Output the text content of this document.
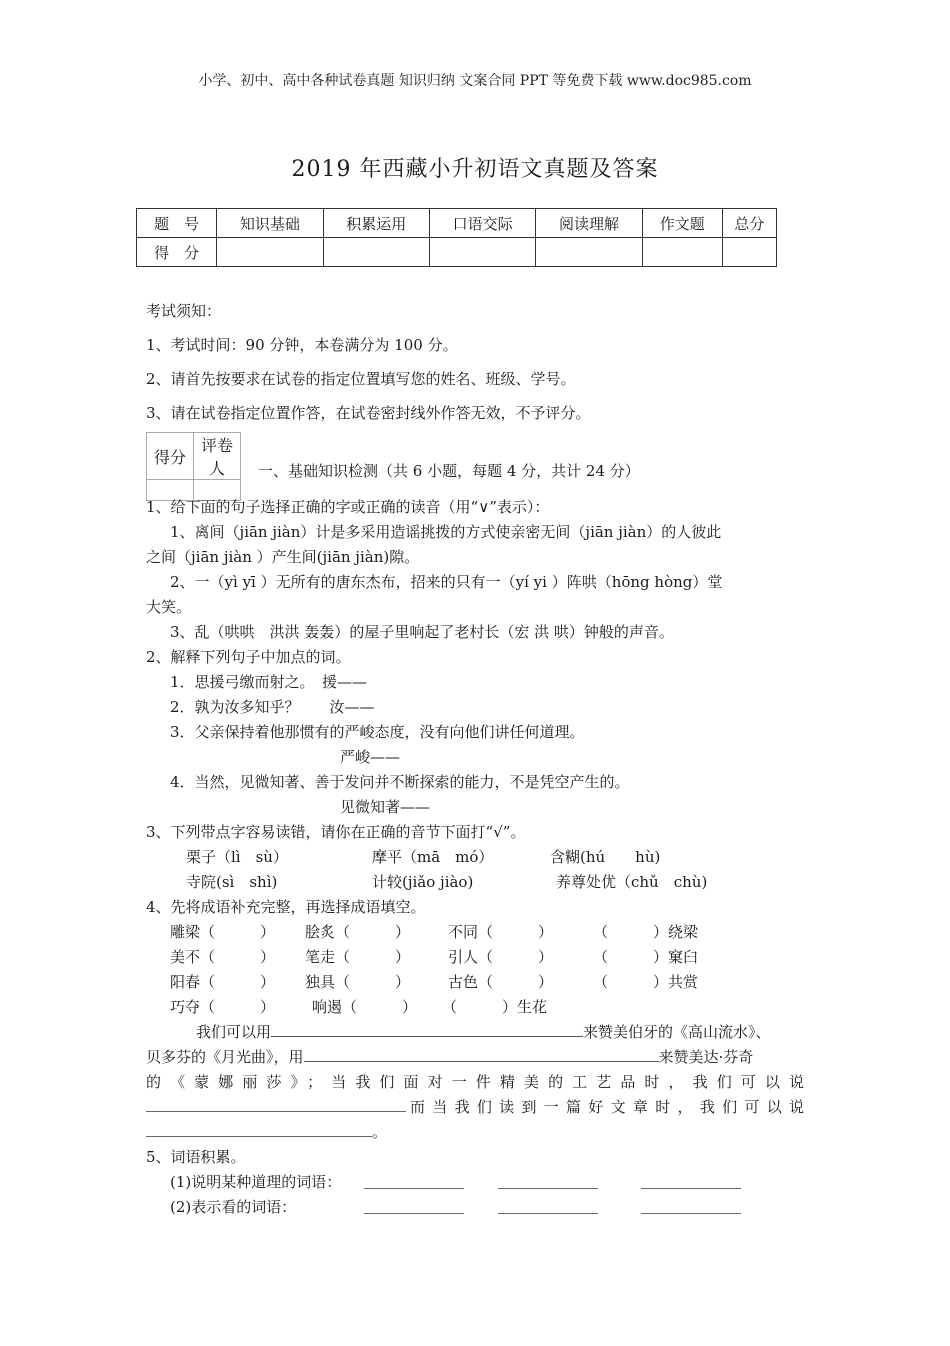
小学、初中、高中各种试卷真题 知识归纳 文案合同 PPT 等免费下载 www.doc985.com
2019 年西藏小升初语文真题及答案
题　号	知识基础	积累运用	口语交际	阅读理解	作文题	总分
得　分						
考试须知：
1、考试时间：90 分钟，本卷满分为 100 分。
2、请首先按要求在试卷的指定位置填写您的姓名、班级、学号。
3、请在试卷指定位置作答，在试卷密封线外作答无效，不予评分。
得分	评卷人
	一、基础知识检测（共 6 小题，每题 4 分，共计 24 分）
1、给下面的句子选择正确的字或正确的读音（用“∨”表示）：
1、离间（jiān jiàn）计是多采用造谣挑拨的方式使亲密无间（jiān jiàn）的人彼此
之间（jiān jiàn ）产生间(jiān jiàn)隙。
2、一（yì yī ）无所有的唐东杰布，招来的只有一（yí yi ）阵哄（hōng hòng）堂
大笑。
3、乱（哄哄　洪洪 轰轰）的屋子里响起了老村长（宏 洪 哄）钟般的声音。
2、解释下列句子中加点的词。
1．思援弓缴而射之。　援——
2．孰为汝多知乎？　　汝——
3．父亲保持着他那惯有的严峻态度，没有向他们讲任何道理。
严峻——
4．当然，见微知著、善于发问并不断探索的能力，不是凭空产生的。
见微知著——
3、下列带点字容易读错，请你在正确的音节下面打“√”。
栗子（lì　sù）	摩平（mā　mó）	含糊(hú　　hù)
寺院(sì　shì)	计较(jiǎo jiào)	养尊处优（chǔ　chù)
4、先将成语补充完整，再选择成语填空。
雕梁（　　　） 脍炙（　　　）	不同（　　　）	（　　　）绕梁
美不（　　　） 笔走（　　　）	引人（　　　）	（　　　）窠臼
阳春（　　　） 独具（　　　）	古色（　　　）	（　　　）共赏
巧夺（　　　） 响遏（　　　） （　　　）生花
我们可以用	来赞美伯牙的《高山流水》、
贝多芬的《月光曲》，用	来赞美达·芬奇
的《蒙娜丽莎》；当我们面对一件精美的工艺品时，我们可以说
而当我们读到一篇好文章时，我们可以说
。
5、词语积累。
(1)说明某种道理的词语：
(2)表示看的词语：
